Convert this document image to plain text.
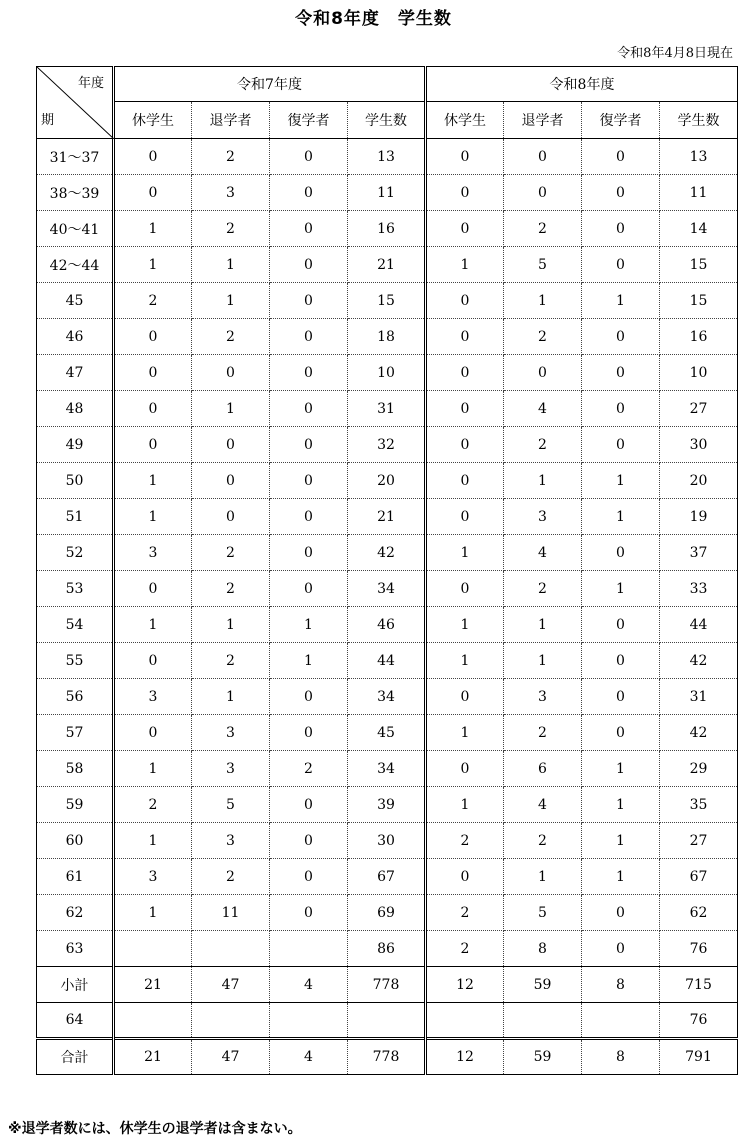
令和8年度　学生数
令和8年4月8日現在
年度
期	令和7年度				令和8年度			
	休学生	退学者	復学者	学生数	休学生	退学者	復学者	学生数
31～37	0	2	0	13	0	0	0	13
38～39	0	3	0	11	0	0	0	11
40～41	1	2	0	16	0	2	0	14
42～44	1	1	0	21	1	5	0	15
45	2	1	0	15	0	1	1	15
46	0	2	0	18	0	2	0	16
47	0	0	0	10	0	0	0	10
48	0	1	0	31	0	4	0	27
49	0	0	0	32	0	2	0	30
50	1	0	0	20	0	1	1	20
51	1	0	0	21	0	3	1	19
52	3	2	0	42	1	4	0	37
53	0	2	0	34	0	2	1	33
54	1	1	1	46	1	1	0	44
55	0	2	1	44	1	1	0	42
56	3	1	0	34	0	3	0	31
57	0	3	0	45	1	2	0	42
58	1	3	2	34	0	6	1	29
59	2	5	0	39	1	4	1	35
60	1	3	0	30	2	2	1	27
61	3	2	0	67	0	1	1	67
62	1	11	0	69	2	5	0	62
63				86	2	8	0	76
小計	21	47	4	778	12	59	8	715
64								76
合計	21	47	4	778	12	59	8	791
※退学者数には、休学生の退学者は含まない。
